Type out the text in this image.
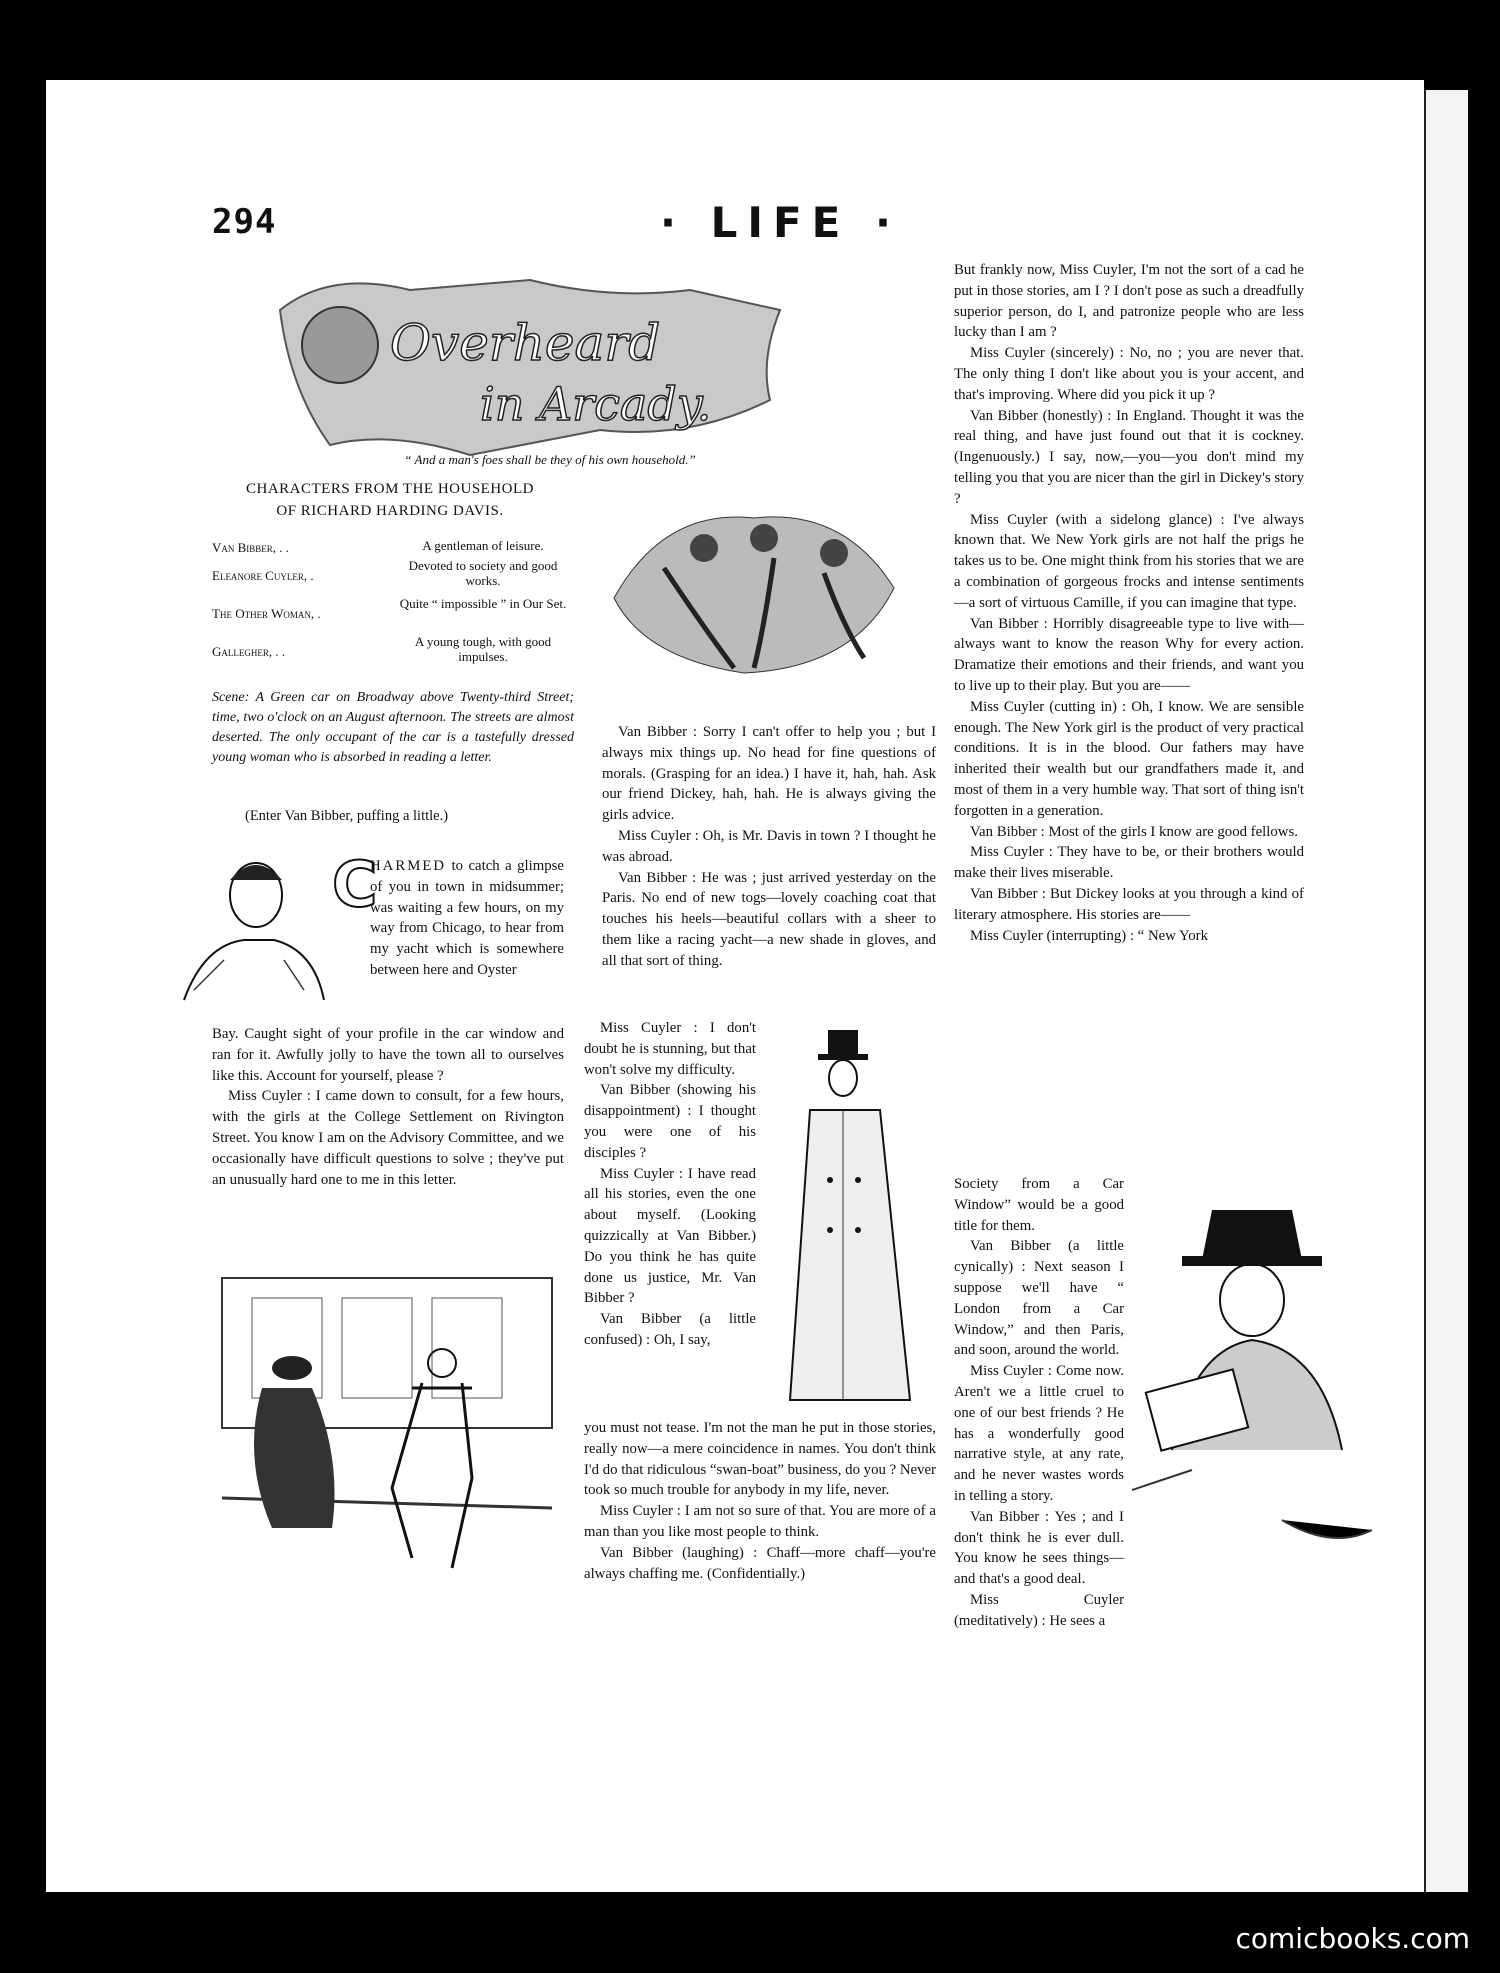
294	· LIFE ·
Overheard
in Arcady.
“ And a man's foes shall be they of his own household.”
CHARACTERS FROM THE HOUSEHOLD
OF RICHARD HARDING DAVIS.
Van Bibber, . .	A gentleman of leisure.
Eleanore Cuyler, .
Devoted to society and good works.
The Other Woman, .
Quite “ impossible ” in Our Set.
Gallegher, . .
A young tough, with good impulses.
Scene: A Green car on Broadway above Twenty-third Street; time, two o'clock on an August afternoon. The streets are almost deserted. The only occupant of the car is a tastefully dressed young woman who is absorbed in reading a letter.
(Enter Van Bibber, puffing a little.)
C

HARMED to catch a glimpse of you in town in midsummer; was waiting a few hours, on my way from Chicago, to hear from my yacht which is somewhere between here and Oyster

Bay. Caught sight of your profile in the car window and ran for it. Awfully jolly to have the town all to ourselves like this. Account for yourself, please ?

Miss Cuyler : I came down to consult, for a few hours, with the girls at the College Settlement on Rivington Street. You know I am on the Advisory Committee, and we occasionally have difficult questions to solve ; they've put an unusually hard one to me in this letter.

Van Bibber : Sorry I can't offer to help you ; but I always mix things up. No head for fine questions of morals. (Grasping for an idea.) I have it, hah, hah. Ask our friend Dickey, hah, hah. He is always giving the girls advice.

Miss Cuyler : Oh, is Mr. Davis in town ? I thought he was abroad.

Van Bibber : He was ; just arrived yesterday on the Paris. No end of new togs—lovely coaching coat that touches his heels—beautiful collars with a sheer to them like a racing yacht—a new shade in gloves, and all that sort of thing.

Miss Cuyler : I don't doubt he is stunning, but that won't solve my difficulty.

Van Bibber (showing his disappointment) : I thought you were one of his disciples ?

Miss Cuyler : I have read all his stories, even the one about myself. (Looking quizzically at Van Bibber.) Do you think he has quite done us justice, Mr. Van Bibber ?

Van Bibber (a little confused) : Oh, I say,

you must not tease. I'm not the man he put in those stories, really now—a mere coincidence in names. You don't think I'd do that ridiculous “swan-boat” business, do you ? Never took so much trouble for anybody in my life, never.

Miss Cuyler : I am not so sure of that. You are more of a man than you like most people to think.

Van Bibber (laughing) : Chaff—more chaff—you're always chaffing me. (Confidentially.)

But frankly now, Miss Cuyler, I'm not the sort of a cad he put in those stories, am I ? I don't pose as such a dreadfully superior person, do I, and patronize people who are less lucky than I am ?

Miss Cuyler (sincerely) : No, no ; you are never that. The only thing I don't like about you is your accent, and that's improving. Where did you pick it up ?

Van Bibber (honestly) : In England. Thought it was the real thing, and have just found out that it is cockney. (Ingenuously.) I say, now,—you—you don't mind my telling you that you are nicer than the girl in Dickey's story ?

Miss Cuyler (with a sidelong glance) : I've always known that. We New York girls are not half the prigs he takes us to be. One might think from his stories that we are a combination of gorgeous frocks and intense sentiments—a sort of virtuous Camille, if you can imagine that type.

Van Bibber : Horribly disagreeable type to live with—always want to know the reason Why for every action. Dramatize their emotions and their friends, and want you to live up to their play. But you are——

Miss Cuyler (cutting in) : Oh, I know. We are sensible enough. The New York girl is the product of very practical conditions. It is in the blood. Our fathers may have inherited their wealth but our grandfathers made it, and most of them in a very humble way. That sort of thing isn't forgotten in a generation.

Van Bibber : Most of the girls I know are good fellows.

Miss Cuyler : They have to be, or their brothers would make their lives miserable.

Van Bibber : But Dickey looks at you through a kind of literary atmosphere. His stories are——

Miss Cuyler (interrupting) : “ New York

Society from a Car Window” would be a good title for them.

Van Bibber (a little cynically) : Next season I suppose we'll have “ London from a Car Window,” and then Paris, and soon, around the world.

Miss Cuyler : Come now. Aren't we a little cruel to one of our best friends ? He has a wonderfully good narrative style, at any rate, and he never wastes words in telling a story.

Van Bibber : Yes ; and I don't think he is ever dull. You know he sees things—and that's a good deal.

Miss Cuyler (meditatively) : He sees a

comicbooks.com
